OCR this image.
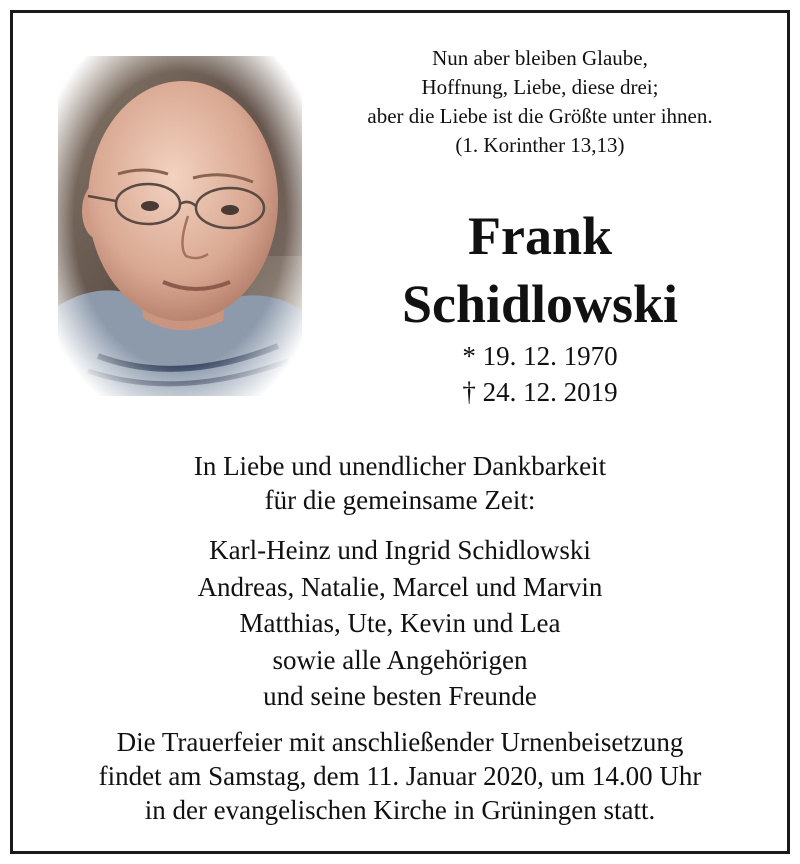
Nun aber bleiben Glaube,
Hoffnung, Liebe, diese drei;
aber die Liebe ist die Größte unter ihnen.
(1. Korinther 13,13)
Frank
Schidlowski
* 19. 12. 1970
† 24. 12. 2019
In Liebe und unendlicher Dankbarkeit
für die gemeinsame Zeit:
Karl-Heinz und Ingrid Schidlowski
Andreas, Natalie, Marcel und Marvin
Matthias, Ute, Kevin und Lea
sowie alle Angehörigen
und seine besten Freunde
Die Trauerfeier mit anschließender Urnenbeisetzung
findet am Samstag, dem 11. Januar 2020, um 14.00 Uhr
in der evangelischen Kirche in Grüningen statt.
